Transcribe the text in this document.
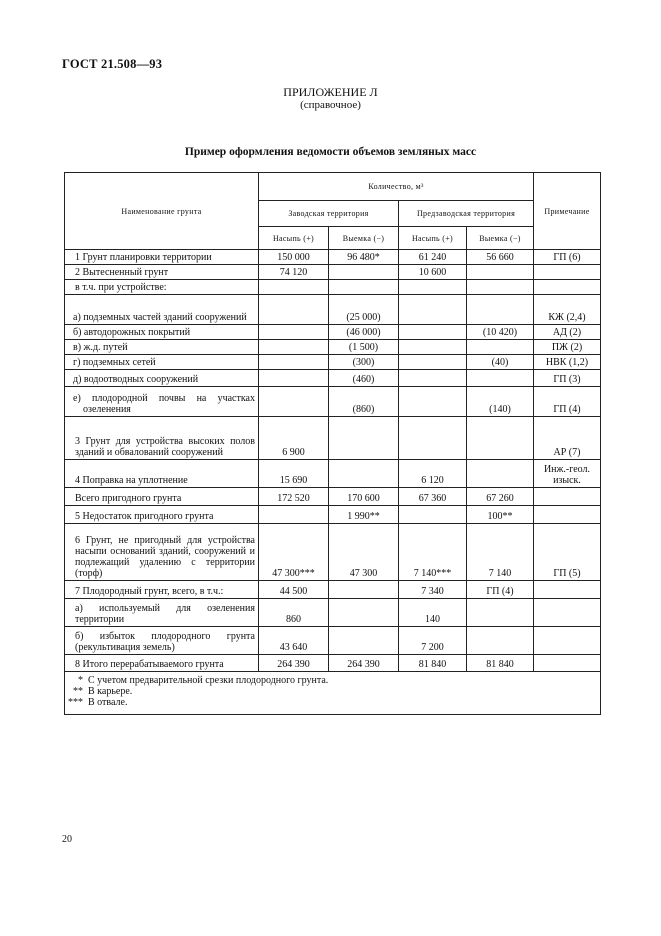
ГОСТ 21.508—93
ПРИЛОЖЕНИЕ Л
(справочное)
Пример оформления ведомости объемов земляных масс
Наименование грунта	Количество, м³				Примечание
	Заводская территория		Предзаводская территория		
	Насыпь (+)	Выемка (−)	Насыпь (+)	Выемка (−)	
1 Грунт планировки территории	150 000	96 480*	61 240	56 660	ГП (6)
2 Вытесненный грунт	74 120		10 600		
в т.ч. при устройстве:					
а) подземных частей зданий сооружений		(25 000)			КЖ (2,4)
б) автодорожных покрытий		(46 000)		(10 420)	АД (2)
в) ж.д. путей		(1 500)			ПЖ (2)
г) подземных сетей		(300)		(40)	НВК (1,2)
д) водоотводных сооружений		(460)			ГП (3)
е) плодородной почвы на участках озеленения		(860)		(140)	ГП (4)
3 Грунт для устройства высоких полов зданий и обвалований сооружений	6 900				АР (7)
4 Поправка на уплотнение	15 690		6 120		Инж.-геол. изыск.
Всего пригодного грунта	172 520	170 600	67 360	67 260	
5 Недостаток пригодного грунта		1 990**		100**	
6 Грунт, не пригодный для устройства насыпи оснований зданий, сооружений и подлежащий удалению с территории (торф)	47 300***	47 300	7 140***	7 140	ГП (5)
7 Плодородный грунт, всего, в т.ч.:	44 500		7 340	ГП (4)	
а) используемый для озеленения территории	860		140		
б) избыток плодородного грунта (рекультивация земель)	43 640		7 200		
8 Итого перерабатываемого грунта	264 390	264 390	81 840	81 840	

*  С учетом предварительной срезки плодородного грунта.
**  В карьере.
***  В отвале.					
20
